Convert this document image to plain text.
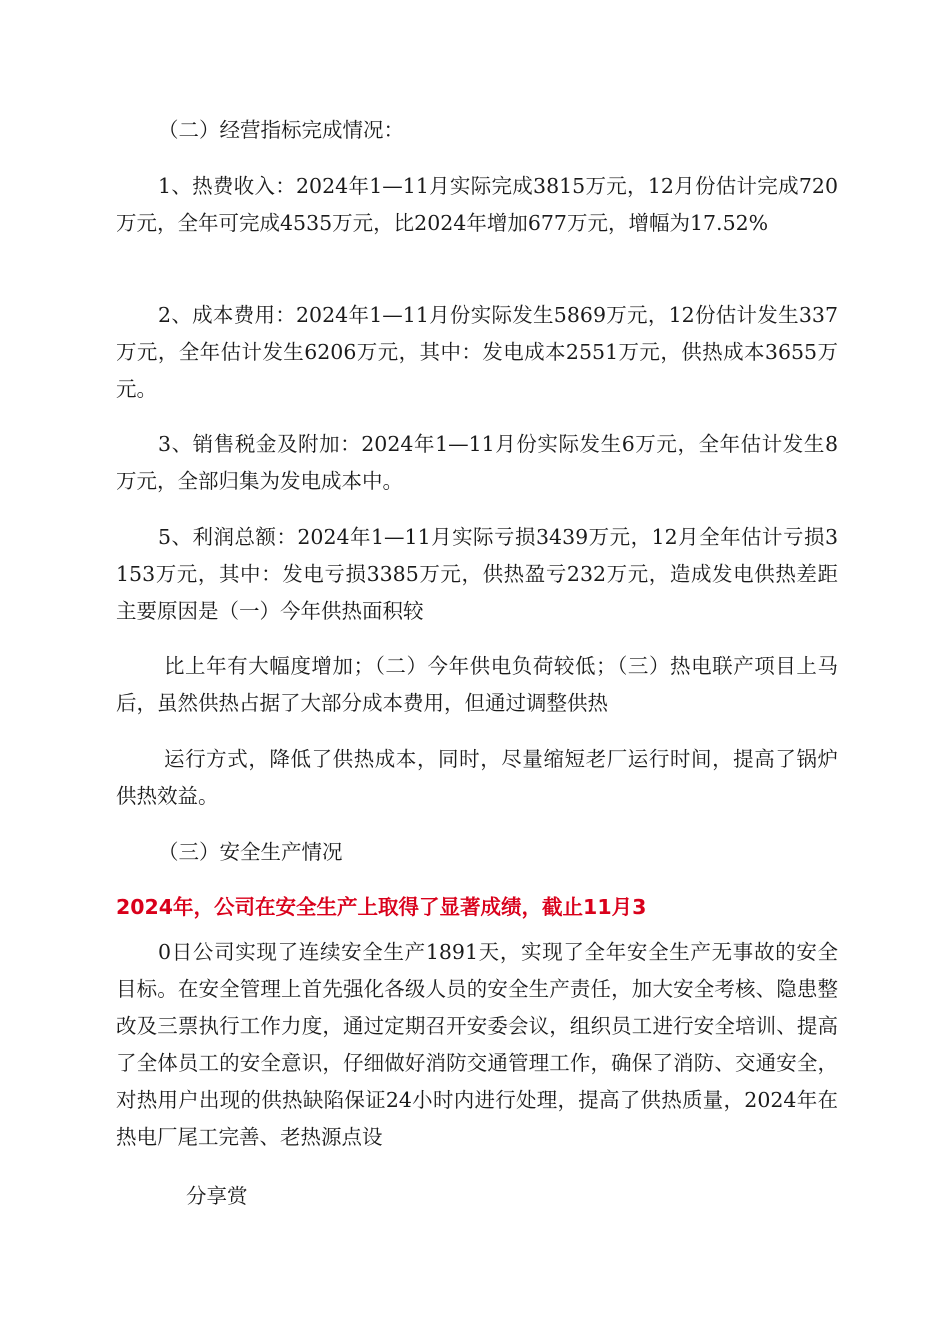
（二）经营指标完成情况：

1、热费收入：2024年1—11月实际完成3815万元，12月份估计完成720万元，全年可完成4535万元，比2024年增加677万元，增幅为17.52%

2、成本费用：2024年1—11月份实际发生5869万元，12份估计发生337万元，全年估计发生6206万元，其中：发电成本2551万元，供热成本3655万元。

3、销售税金及附加：2024年1—11月份实际发生6万元，全年估计发生8万元，全部归集为发电成本中。

5、利润总额：2024年1—11月实际亏损3439万元，12月全年估计亏损3153万元，其中：发电亏损3385万元，供热盈亏232万元，造成发电供热差距主要原因是（一）今年供热面积较

比上年有大幅度增加；（二）今年供电负荷较低；（三）热电联产项目上马后，虽然供热占据了大部分成本费用，但通过调整供热

运行方式，降低了供热成本，同时，尽量缩短老厂运行时间，提高了锅炉供热效益。

（三）安全生产情况

2024年，公司在安全生产上取得了显著成绩，截止11月3

0日公司实现了连续安全生产1891天，实现了全年安全生产无事故的安全目标。在安全管理上首先强化各级人员的安全生产责任，加大安全考核、隐患整改及三票执行工作力度，通过定期召开安委会议，组织员工进行安全培训、提高了全体员工的安全意识，仔细做好消防交通管理工作，确保了消防、交通安全，对热用户出现的供热缺陷保证24小时内进行处理，提高了供热质量，2024年在热电厂尾工完善、老热源点设

分享赏
